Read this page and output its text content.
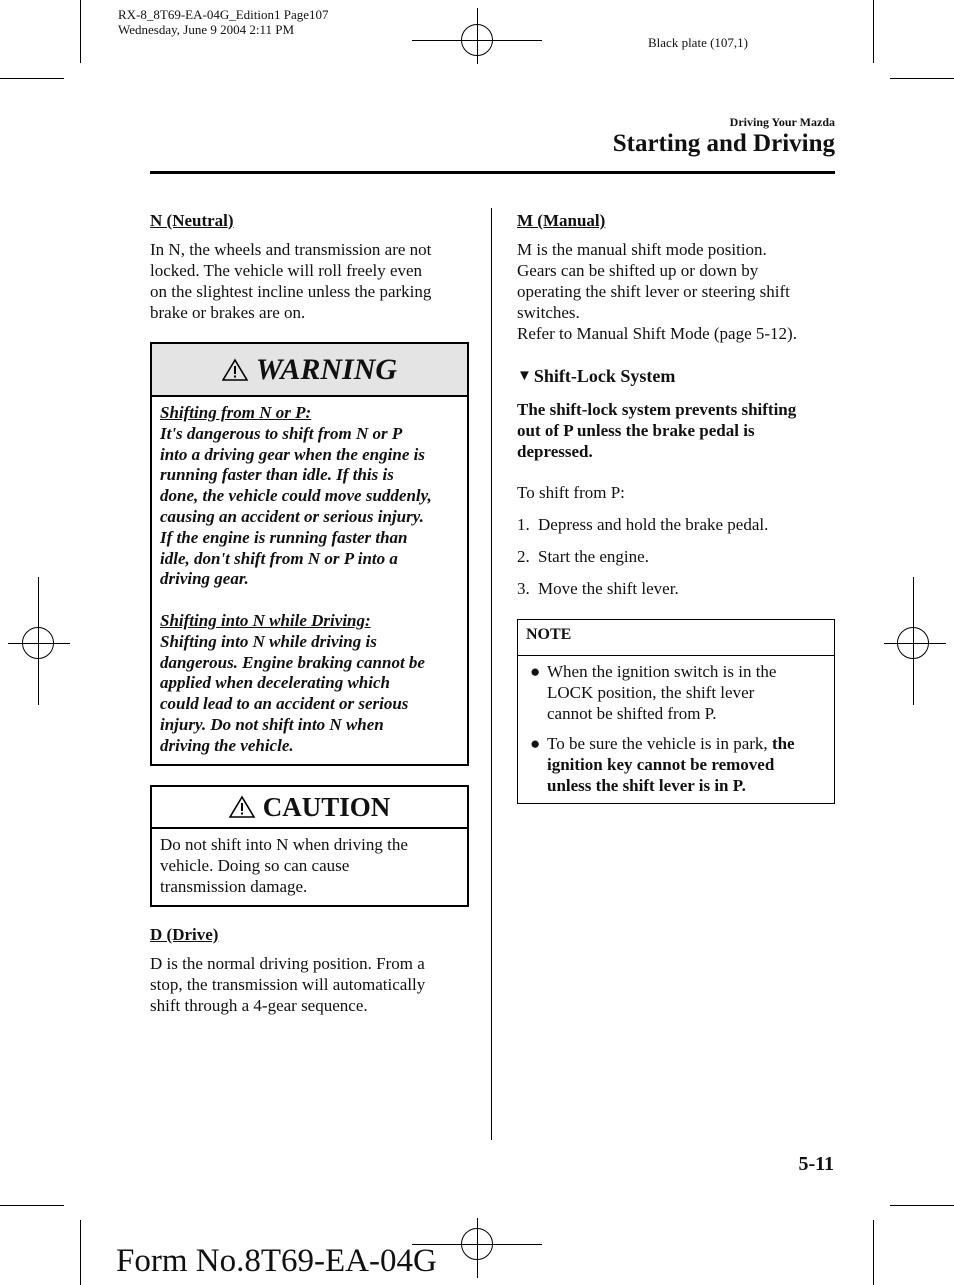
RX-8_8T69-EA-04G_Edition1 Page107
Wednesday, June 9 2004 2:11 PM
Black plate (107,1)
Driving Your Mazda
Starting and Driving
N (Neutral)
In N, the wheels and transmission are not
locked. The vehicle will roll freely even
on the slightest incline unless the parking
brake or brakes are on.
WARNING

Shifting from N or P:
It's dangerous to shift from N or P
into a driving gear when the engine is
running faster than idle. If this is
done, the vehicle could move suddenly,
causing an accident or serious injury.
If the engine is running faster than
idle, don't shift from N or P into a
driving gear.

Shifting into N while Driving:
Shifting into N while driving is
dangerous. Engine braking cannot be
applied when decelerating which
could lead to an accident or serious
injury. Do not shift into N when
driving the vehicle.

CAUTION
Do not shift into N when driving the
vehicle. Doing so can cause
transmission damage.
D (Drive)
D is the normal driving position. From a
stop, the transmission will automatically
shift through a 4-gear sequence.
M (Manual)
M is the manual shift mode position.
Gears can be shifted up or down by
operating the shift lever or steering shift
switches.
Refer to Manual Shift Mode (page 5-12).
▼ Shift-Lock System
The shift-lock system prevents shifting
out of P unless the brake pedal is
depressed.
To shift from P:
1. Depress and hold the brake pedal.
2. Start the engine.
3. Move the shift lever.
NOTE
● When the ignition switch is in the
LOCK position, the shift lever
cannot be shifted from P.
● To be sure the vehicle is in park, the
ignition key cannot be removed
unless the shift lever is in P.
5-11
Form No.8T69-EA-04G
